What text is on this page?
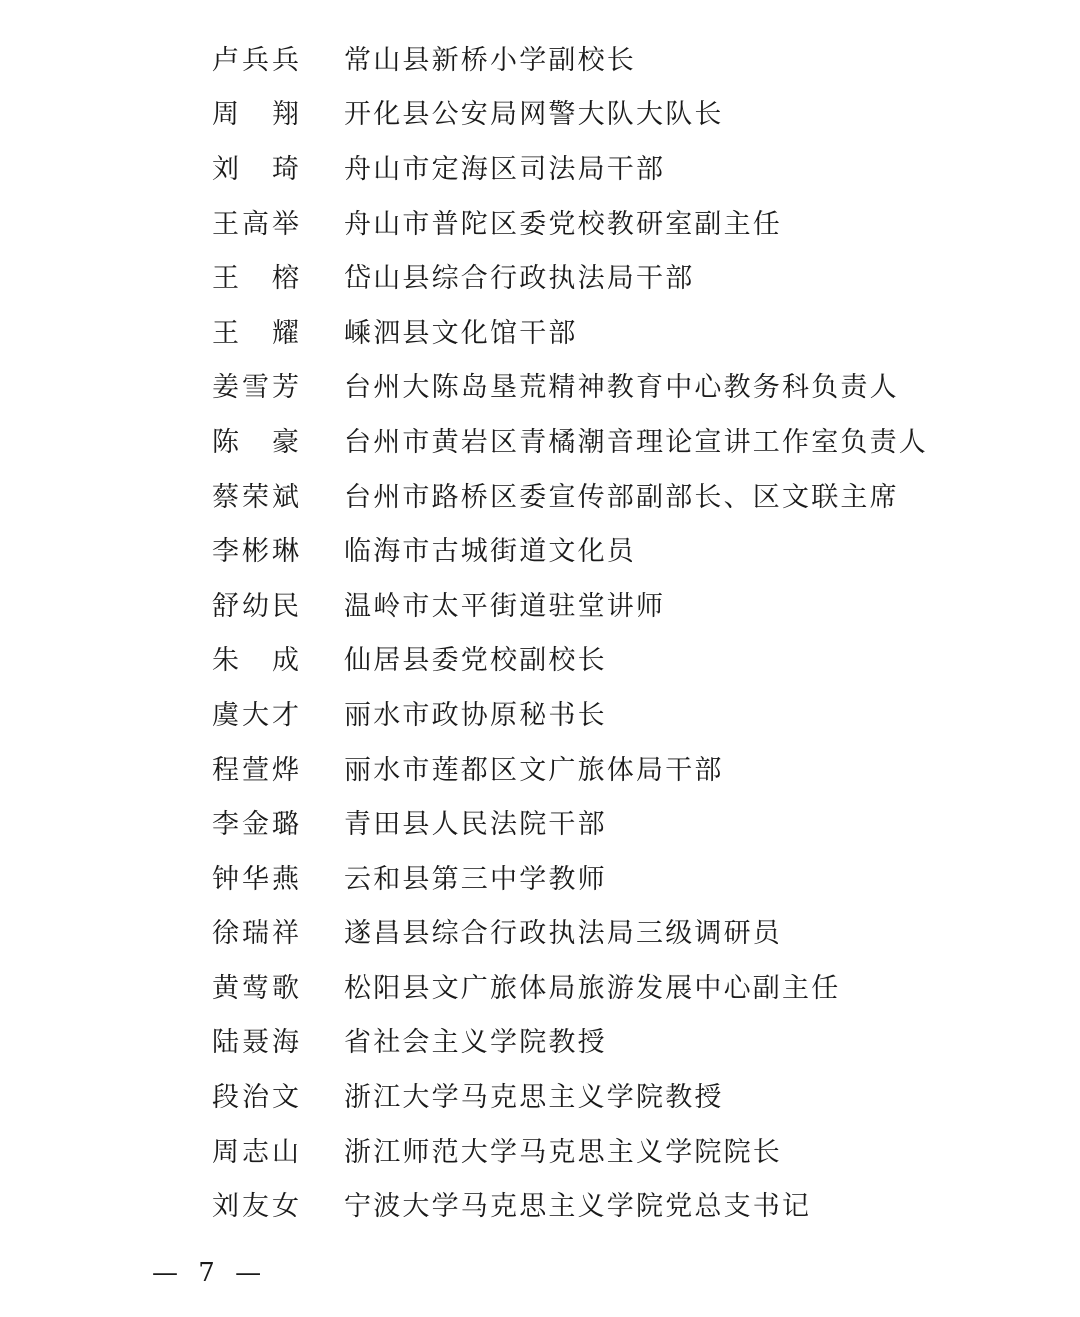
卢兵兵	常山县新桥小学副校长
周 翔	开化县公安局网警大队大队长
刘 琦	舟山市定海区司法局干部
王高举	舟山市普陀区委党校教研室副主任
王 榕	岱山县综合行政执法局干部
王 耀	嵊泗县文化馆干部
姜雪芳	台州大陈岛垦荒精神教育中心教务科负责人
陈 豪	台州市黄岩区青橘潮音理论宣讲工作室负责人
蔡荣斌	台州市路桥区委宣传部副部长、区文联主席
李彬琳	临海市古城街道文化员
舒幼民	温岭市太平街道驻堂讲师
朱 成	仙居县委党校副校长
虞大才	丽水市政协原秘书长
程萱烨	丽水市莲都区文广旅体局干部
李金璐	青田县人民法院干部
钟华燕	云和县第三中学教师
徐瑞祥	遂昌县综合行政执法局三级调研员
黄莺歌	松阳县文广旅体局旅游发展中心副主任
陆聂海	省社会主义学院教授
段治文	浙江大学马克思主义学院教授
周志山	浙江师范大学马克思主义学院院长
刘友女	宁波大学马克思主义学院党总支书记
— 7 —
